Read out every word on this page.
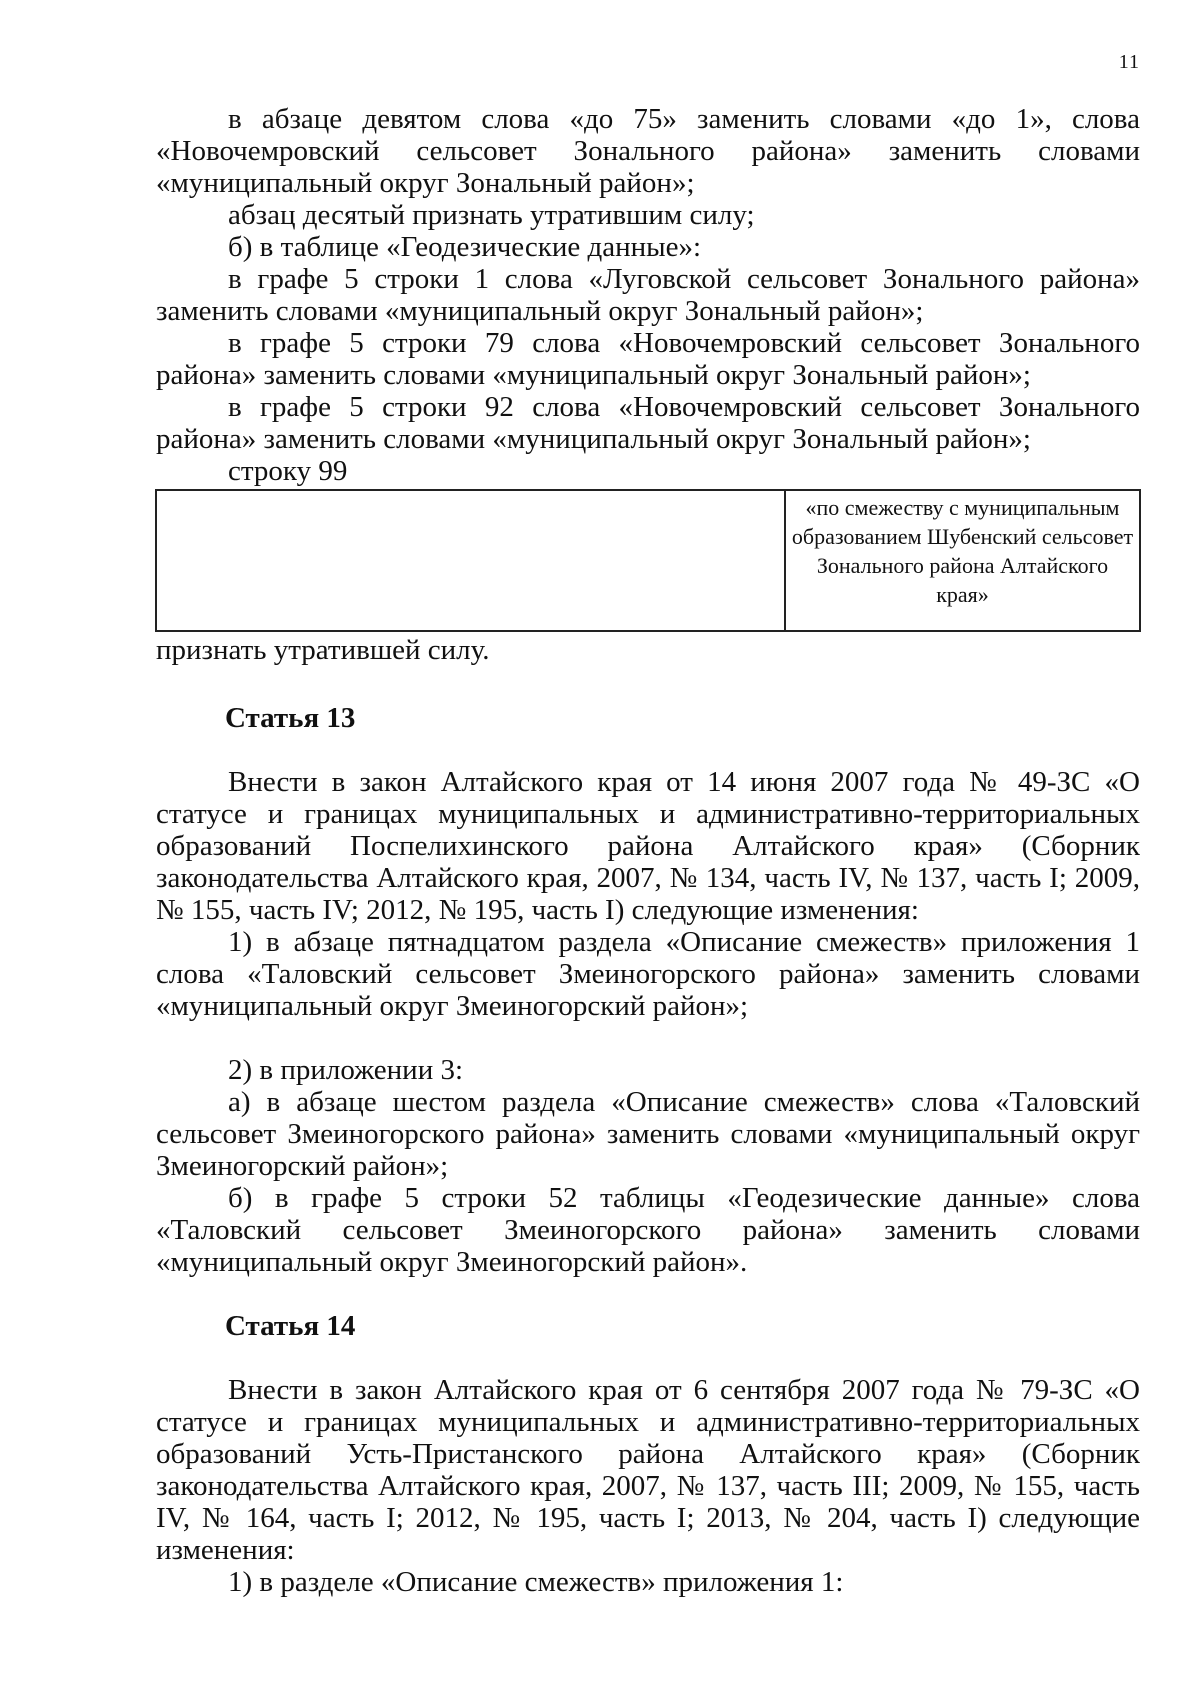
11

в абзаце девятом слова «до 75» заменить словами «до 1», слова «Новочемровский сельсовет Зонального района» заменить словами «муниципальный округ Зональный район»;

абзац десятый признать утратившим силу;

б) в таблице «Геодезические данные»:

в графе 5 строки 1 слова «Луговской сельсовет Зонального района» заменить словами «муниципальный округ Зональный район»;

в графе 5 строки 79 слова «Новочемровский сельсовет Зонального района» заменить словами «муниципальный округ Зональный район»;

в графе 5 строки 92 слова «Новочемровский сельсовет Зонального района» заменить словами «муниципальный округ Зональный район»;

строку 99

	«по смежеству с муниципальным образованием Шубенский сельсовет Зонального района Алтайского края»

признать утратившей силу.

Статья 13

Внести в закон Алтайского края от 14 июня 2007 года № 49-ЗС «О статусе и границах муниципальных и административно-территориальных образований Поспелихинского района Алтайского края» (Сборник законодательства Алтайского края, 2007, № 134, часть IV, № 137, часть I; 2009, № 155, часть IV; 2012, № 195, часть I) следующие изменения:

1) в абзаце пятнадцатом раздела «Описание смежеств» приложения 1 слова «Таловский сельсовет Змеиногорского района» заменить словами «муниципальный округ Змеиногорский район»;

2) в приложении 3:

а) в абзаце шестом раздела «Описание смежеств» слова «Таловский сельсовет Змеиногорского района» заменить словами «муниципальный округ Змеиногорский район»;

б) в графе 5 строки 52 таблицы «Геодезические данные» слова «Таловский сельсовет Змеиногорского района» заменить словами «муниципальный округ Змеиногорский район».

Статья 14

Внести в закон Алтайского края от 6 сентября 2007 года № 79-ЗС «О статусе и границах муниципальных и административно-территориальных образований Усть-Пристанского района Алтайского края» (Сборник законодательства Алтайского края, 2007, № 137, часть III; 2009, № 155, часть IV, № 164, часть I; 2012, № 195, часть I; 2013, № 204, часть I) следующие изменения:

1) в разделе «Описание смежеств» приложения 1:
